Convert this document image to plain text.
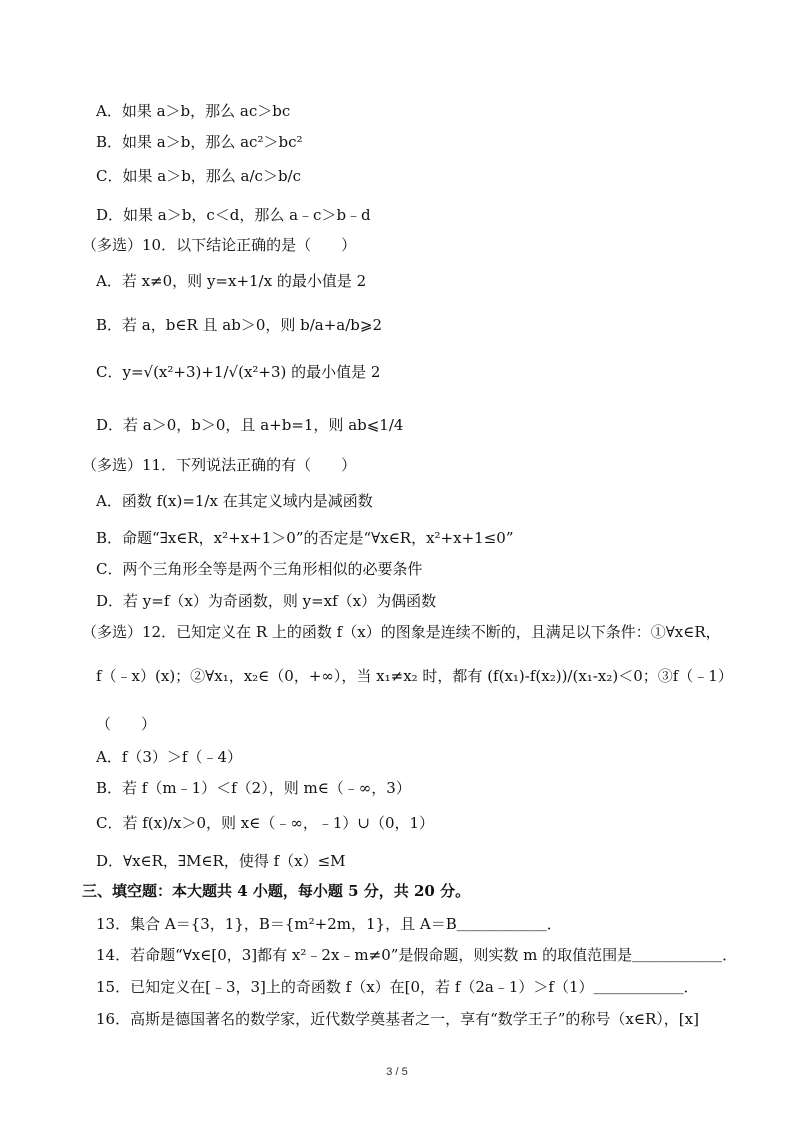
A．如果 a＞b，那么 ac＞bc
B．如果 a＞b，那么 ac²＞bc²
C．如果 a＞b，那么 a/c＞b/c
D．如果 a＞b，c＜d，那么 a﹣c＞b﹣d
（多选）10．以下结论正确的是（　　）
A．若 x≠0，则 y=x+1/x 的最小值是 2
B．若 a，b∈R 且 ab＞0，则 b/a+a/b⩾2
C．y=√(x²+3)+1/√(x²+3) 的最小值是 2
D．若 a＞0，b＞0，且 a+b=1，则 ab⩽1/4
（多选）11．下列说法正确的有（　　）
A．函数 f(x)=1/x 在其定义域内是减函数
B．命题“∃x∈R，x²+x+1＞0”的否定是“∀x∈R，x²+x+1≤0”
C．两个三角形全等是两个三角形相似的必要条件
D．若 y=f（x）为奇函数，则 y=xf（x）为偶函数
（多选）12．已知定义在 R 上的函数 f（x）的图象是连续不断的，且满足以下条件：①∀x∈R，
f（﹣x）(x)；②∀x₁，x₂∈（0，+∞），当 x₁≠x₂ 时，都有 (f(x₁)-f(x₂))/(x₁-x₂)＜0；③f（﹣1）
（　　）
A．f（3）＞f（﹣4）
B．若 f（m﹣1）＜f（2），则 m∈（﹣∞，3）
C．若 f(x)/x＞0，则 x∈（﹣∞，﹣1）∪（0，1）
D．∀x∈R，∃M∈R，使得 f（x）≤M
三、填空题：本大题共 4 小题，每小题 5 分，共 20 分。
13．集合 A＝{3，1}，B＝{m²+2m，1}，且 A＝B＿＿＿＿＿＿．
14．若命题“∀x∈[0，3]都有 x²﹣2x﹣m≠0”是假命题，则实数 m 的取值范围是＿＿＿＿＿＿．
15．已知定义在[﹣3，3]上的奇函数 f（x）在[0，若 f（2a﹣1）＞f（1）＿＿＿＿＿＿．
16．高斯是德国著名的数学家，近代数学奠基者之一，享有“数学王子”的称号（x∈R），[x]
3 / 5
